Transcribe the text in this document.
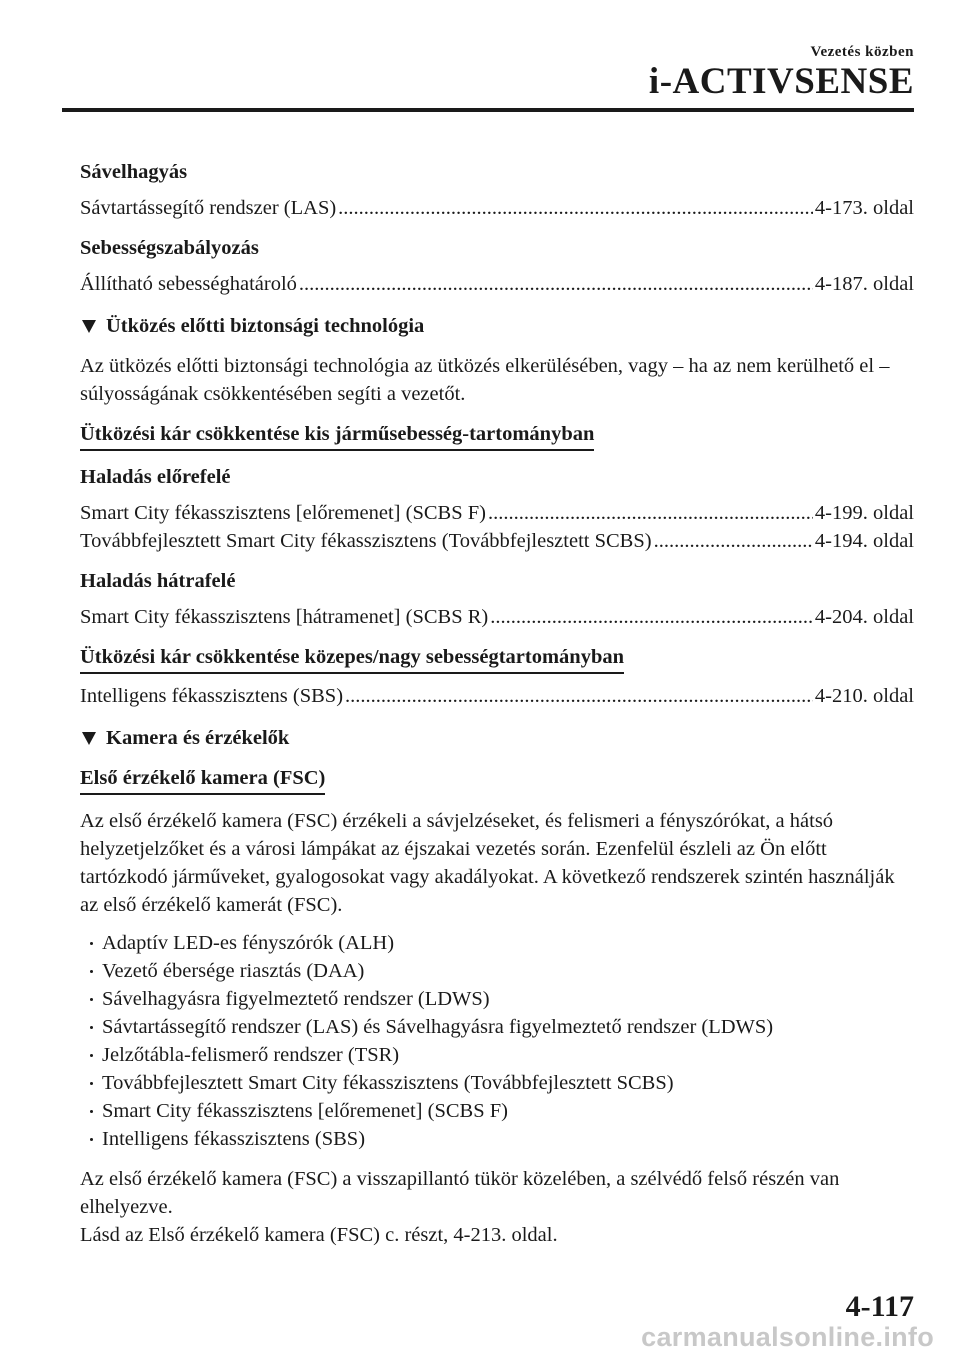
Vezetés közben
i-ACTIVSENSE
Sávelhagyás
Sávtartássegítő rendszer (LAS) .....	4-173. oldal
Sebességszabályozás
Állítható sebességhatároló .....	4-187. oldal
Ütközés előtti biztonsági technológia
Az ütközés előtti biztonsági technológia az ütközés elkerülésében, vagy – ha az nem kerülhető el – súlyosságának csökkentésében segíti a vezetőt.
Ütközési kár csökkentése kis járműsebesség-tartományban
Haladás előrefelé
Smart City fékasszisztens [előremenet] (SCBS F) .....	4-199. oldal
Továbbfejlesztett Smart City fékasszisztens (Továbbfejlesztett SCBS) .....	4-194. oldal
Haladás hátrafelé
Smart City fékasszisztens [hátramenet] (SCBS R) .....	4-204. oldal
Ütközési kár csökkentése közepes/nagy sebességtartományban
Intelligens fékasszisztens (SBS) .....	4-210. oldal
Kamera és érzékelők
Első érzékelő kamera (FSC)
Az első érzékelő kamera (FSC) érzékeli a sávjelzéseket, és felismeri a fényszórókat, a hátsó helyzetjelzőket és a városi lámpákat az éjszakai vezetés során. Ezenfelül észleli az Ön előtt tartózkodó járműveket, gyalogosokat vagy akadályokat. A következő rendszerek szintén használják az első érzékelő kamerát (FSC).
Adaptív LED-es fényszórók (ALH)
Vezető ébersége riasztás (DAA)
Sávelhagyásra figyelmeztető rendszer (LDWS)
Sávtartássegítő rendszer (LAS) és Sávelhagyásra figyelmeztető rendszer (LDWS)
Jelzőtábla-felismerő rendszer (TSR)
Továbbfejlesztett Smart City fékasszisztens (Továbbfejlesztett SCBS)
Smart City fékasszisztens [előremenet] (SCBS F)
Intelligens fékasszisztens (SBS)
Az első érzékelő kamera (FSC) a visszapillantó tükör közelében, a szélvédő felső részén van elhelyezve.
Lásd az Első érzékelő kamera (FSC) c. részt, 4-213. oldal.
4-117
carmanualsonline.info
